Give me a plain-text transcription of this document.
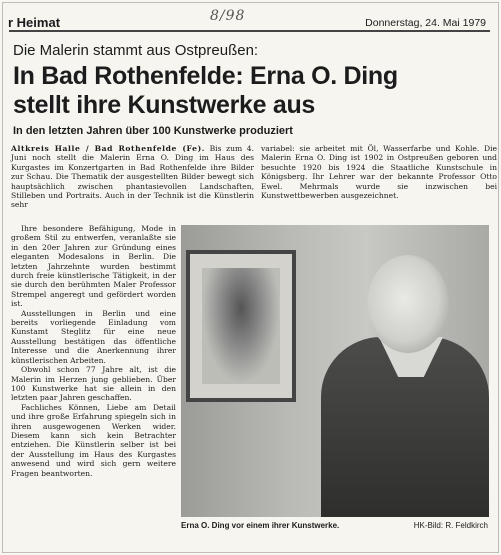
r Heimat	8/98	Donnerstag, 24. Mai 1979
Die Malerin stammt aus Ostpreußen:
In Bad Rothenfelde: Erna O. Ding
stellt ihre Kunstwerke aus
In den letzten Jahren über 100 Kunstwerke produziert

Altkreis Halle / Bad Rothenfelde (Fe). Bis zum 4. Juni noch stellt die Malerin Erna O. Ding im Haus des Kurgastes im Konzertgarten in Bad Rothenfelde ihre Bilder zur Schau. Die Thematik der ausgestellten Bilder bewegt sich hauptsächlich zwischen phantasievollen Landschaften, Stilleben und Portraits. Auch in der Technik ist die Künstlerin sehr

variabel: sie arbeitet mit Öl, Wasserfarbe und Kohle. Die Malerin Erna O. Ding ist 1902 in Ostpreußen geboren und besuchte 1920 bis 1924 die Staatliche Kunstschule in Königsberg. Ihr Lehrer war der bekannte Professor Otto Ewel. Mehrmals wurde sie inzwischen bei Kunstwettbewerben ausgezeichnet.

Ihre besondere Befähigung, Mode in großem Stil zu entwerfen, veranlaßte sie in den 20er Jahren zur Gründung eines eleganten Modesalons in Berlin. Die letzten Jahrzehnte wurden bestimmt durch freie künstlerische Tätigkeit, in der sie durch den berühmten Maler Professor Strempel angeregt und gefördert worden ist.

Ausstellungen in Berlin und eine bereits vorliegende Einladung vom Kunstamt Steglitz für eine neue Ausstellung bestätigen das öffentliche Interesse und die Anerkennung ihrer künstlerischen Arbeiten.

Obwohl schon 77 Jahre alt, ist die Malerin im Herzen jung geblieben. Über 100 Kunstwerke hat sie allein in den letzten paar Jahren geschaffen.

Fachliches Können, Liebe am Detail und ihre große Erfahrung spiegeln sich in ihren ausgewogenen Werken wider. Diesem kann sich kein Betrachter entziehen. Die Künstlerin selber ist bei der Ausstellung im Haus des Kurgastes anwesend und wird sich gern weitere Fragen beantworten.

Erna O. Ding vor einem ihrer Kunstwerke.	HK-Bild: R. Feldkirch
